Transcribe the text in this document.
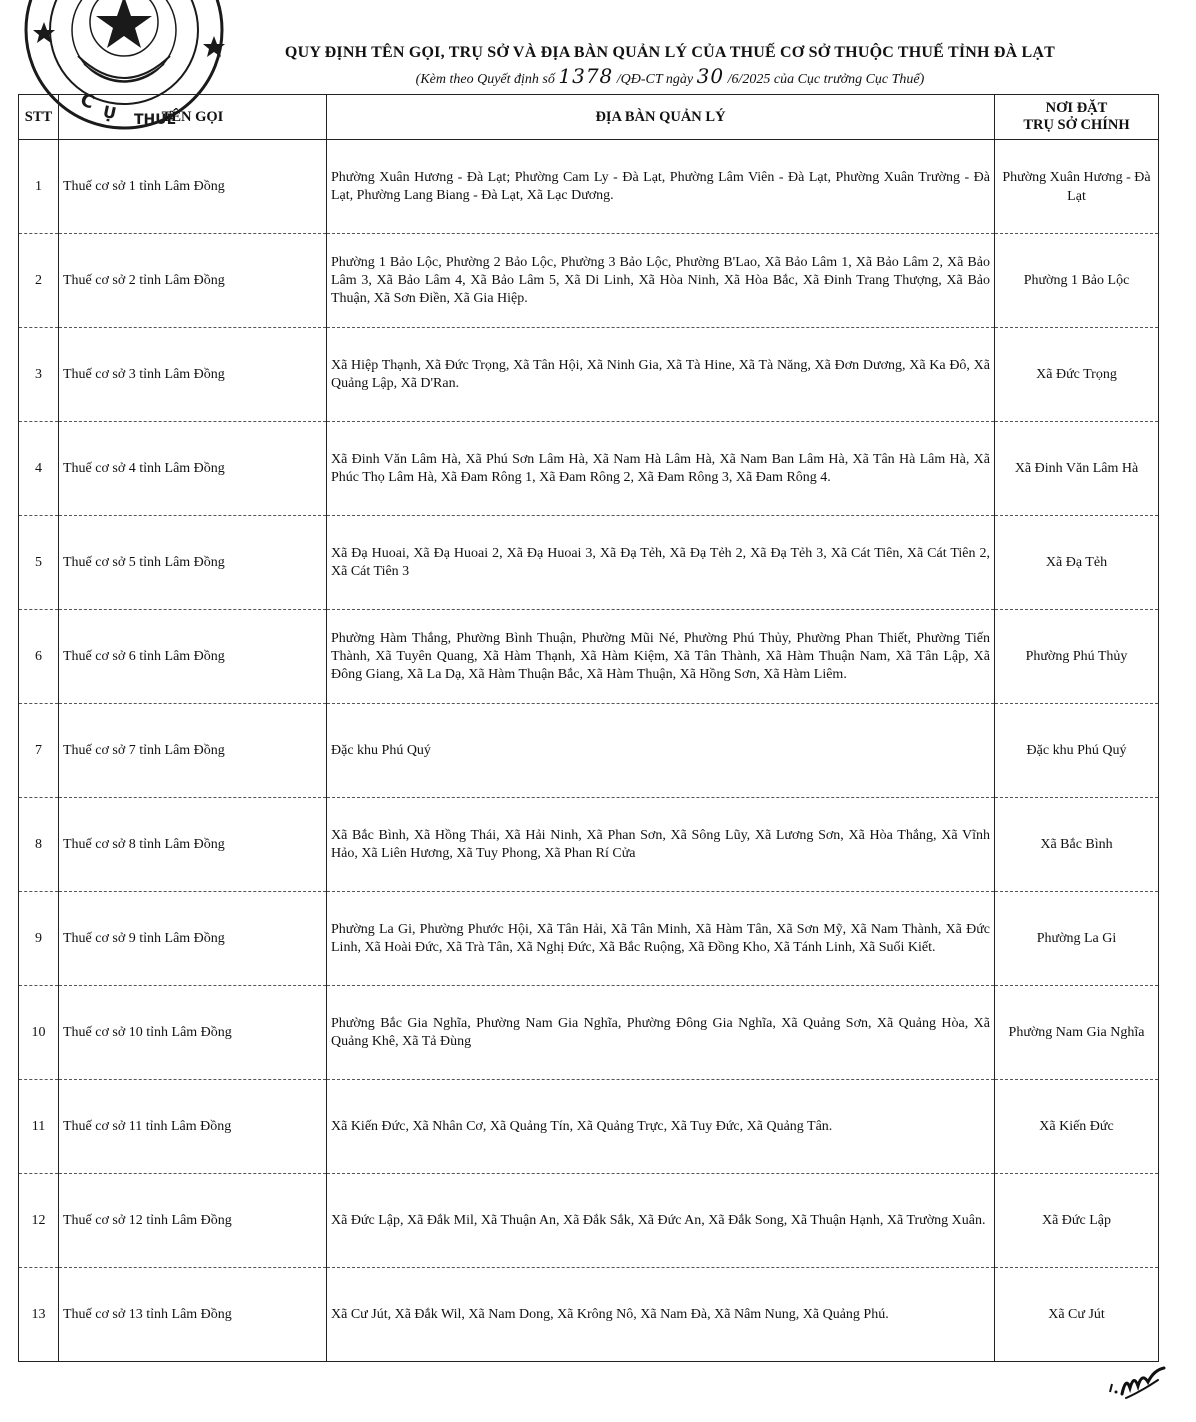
C Ụ THUẾ
QUY ĐỊNH TÊN GỌI, TRỤ SỞ VÀ ĐỊA BÀN QUẢN LÝ CỦA THUẾ CƠ SỞ THUỘC THUẾ TỈNH ĐÀ LẠT
(Kèm theo Quyết định số 1378 /QĐ-CT ngày 30 /6/2025 của Cục trưởng Cục Thuế)
STT	TÊN GỌI	ĐỊA BÀN QUẢN LÝ	NƠI ĐẶT
TRỤ SỞ CHÍNH

1	Thuế cơ sở 1 tỉnh Lâm Đồng	Phường Xuân Hương - Đà Lạt; Phường Cam Ly - Đà Lạt, Phường Lâm Viên - Đà Lạt, Phường Xuân Trường - Đà Lạt, Phường Lang Biang - Đà Lạt, Xã Lạc Dương.	Phường Xuân Hương - Đà Lạt
2	Thuế cơ sở 2 tỉnh Lâm Đồng	Phường 1 Bảo Lộc, Phường 2 Bảo Lộc, Phường 3 Bảo Lộc, Phường B'Lao, Xã Bảo Lâm 1, Xã Bảo Lâm 2, Xã Bảo Lâm 3, Xã Bảo Lâm 4, Xã Bảo Lâm 5, Xã Di Linh, Xã Hòa Ninh, Xã Hòa Bắc, Xã Đinh Trang Thượng, Xã Bảo Thuận, Xã Sơn Điền, Xã Gia Hiệp.	Phường 1 Bảo Lộc
3	Thuế cơ sở 3 tỉnh Lâm Đồng	Xã Hiệp Thạnh, Xã Đức Trọng, Xã Tân Hội, Xã Ninh Gia, Xã Tà Hine, Xã Tà Năng, Xã Đơn Dương, Xã Ka Đô, Xã Quảng Lập, Xã D'Ran.	Xã Đức Trọng
4	Thuế cơ sở 4 tỉnh Lâm Đồng	Xã Đinh Văn Lâm Hà, Xã Phú Sơn Lâm Hà, Xã Nam Hà Lâm Hà, Xã Nam Ban Lâm Hà, Xã Tân Hà Lâm Hà, Xã Phúc Thọ Lâm Hà, Xã Đam Rông 1, Xã Đam Rông 2, Xã Đam Rông 3, Xã Đam Rông 4.	Xã Đinh Văn Lâm Hà
5	Thuế cơ sở 5 tỉnh Lâm Đồng	Xã Đạ Huoai, Xã Đạ Huoai 2, Xã Đạ Huoai 3, Xã Đạ Tẻh, Xã Đạ Tẻh 2, Xã Đạ Tẻh 3, Xã Cát Tiên, Xã Cát Tiên 2, Xã Cát Tiên 3	Xã Đạ Tẻh
6	Thuế cơ sở 6 tỉnh Lâm Đồng	Phường Hàm Thắng, Phường Bình Thuận, Phường Mũi Né, Phường Phú Thủy, Phường Phan Thiết, Phường Tiến Thành, Xã Tuyên Quang, Xã Hàm Thạnh, Xã Hàm Kiệm, Xã Tân Thành, Xã Hàm Thuận Nam, Xã Tân Lập, Xã Đông Giang, Xã La Dạ, Xã Hàm Thuận Bắc, Xã Hàm Thuận, Xã Hồng Sơn, Xã Hàm Liêm.	Phường Phú Thủy
7	Thuế cơ sở 7 tỉnh Lâm Đồng	Đặc khu Phú Quý	Đặc khu Phú Quý
8	Thuế cơ sở 8 tỉnh Lâm Đồng	Xã Bắc Bình, Xã Hồng Thái, Xã Hải Ninh, Xã Phan Sơn, Xã Sông Lũy, Xã Lương Sơn, Xã Hòa Thắng, Xã Vĩnh Hảo, Xã Liên Hương, Xã Tuy Phong, Xã Phan Rí Cửa	Xã Bắc Bình
9	Thuế cơ sở 9 tỉnh Lâm Đồng	Phường La Gi, Phường Phước Hội, Xã Tân Hải, Xã Tân Minh, Xã Hàm Tân, Xã Sơn Mỹ, Xã Nam Thành, Xã Đức Linh, Xã Hoài Đức, Xã Trà Tân, Xã Nghị Đức, Xã Bắc Ruộng, Xã Đồng Kho, Xã Tánh Linh, Xã Suối Kiết.	Phường La Gi
10	Thuế cơ sở 10 tỉnh Lâm Đồng	Phường Bắc Gia Nghĩa, Phường Nam Gia Nghĩa, Phường Đông Gia Nghĩa, Xã Quảng Sơn, Xã Quảng Hòa, Xã Quảng Khê, Xã Tả Đùng	Phường Nam Gia Nghĩa
11	Thuế cơ sở 11 tỉnh Lâm Đồng	Xã Kiến Đức, Xã Nhân Cơ, Xã Quảng Tín, Xã Quảng Trực, Xã Tuy Đức, Xã Quảng Tân.	Xã Kiến Đức
12	Thuế cơ sở 12 tỉnh Lâm Đồng	Xã Đức Lập, Xã Đắk Mil, Xã Thuận An, Xã Đắk Sắk, Xã Đức An, Xã Đắk Song, Xã Thuận Hạnh, Xã Trường Xuân.	Xã Đức Lập
13	Thuế cơ sở 13 tỉnh Lâm Đồng	Xã Cư Jút, Xã Đắk Wil, Xã Nam Dong, Xã Krông Nô, Xã Nam Đà, Xã Nâm Nung, Xã Quảng Phú.	Xã Cư Jút
